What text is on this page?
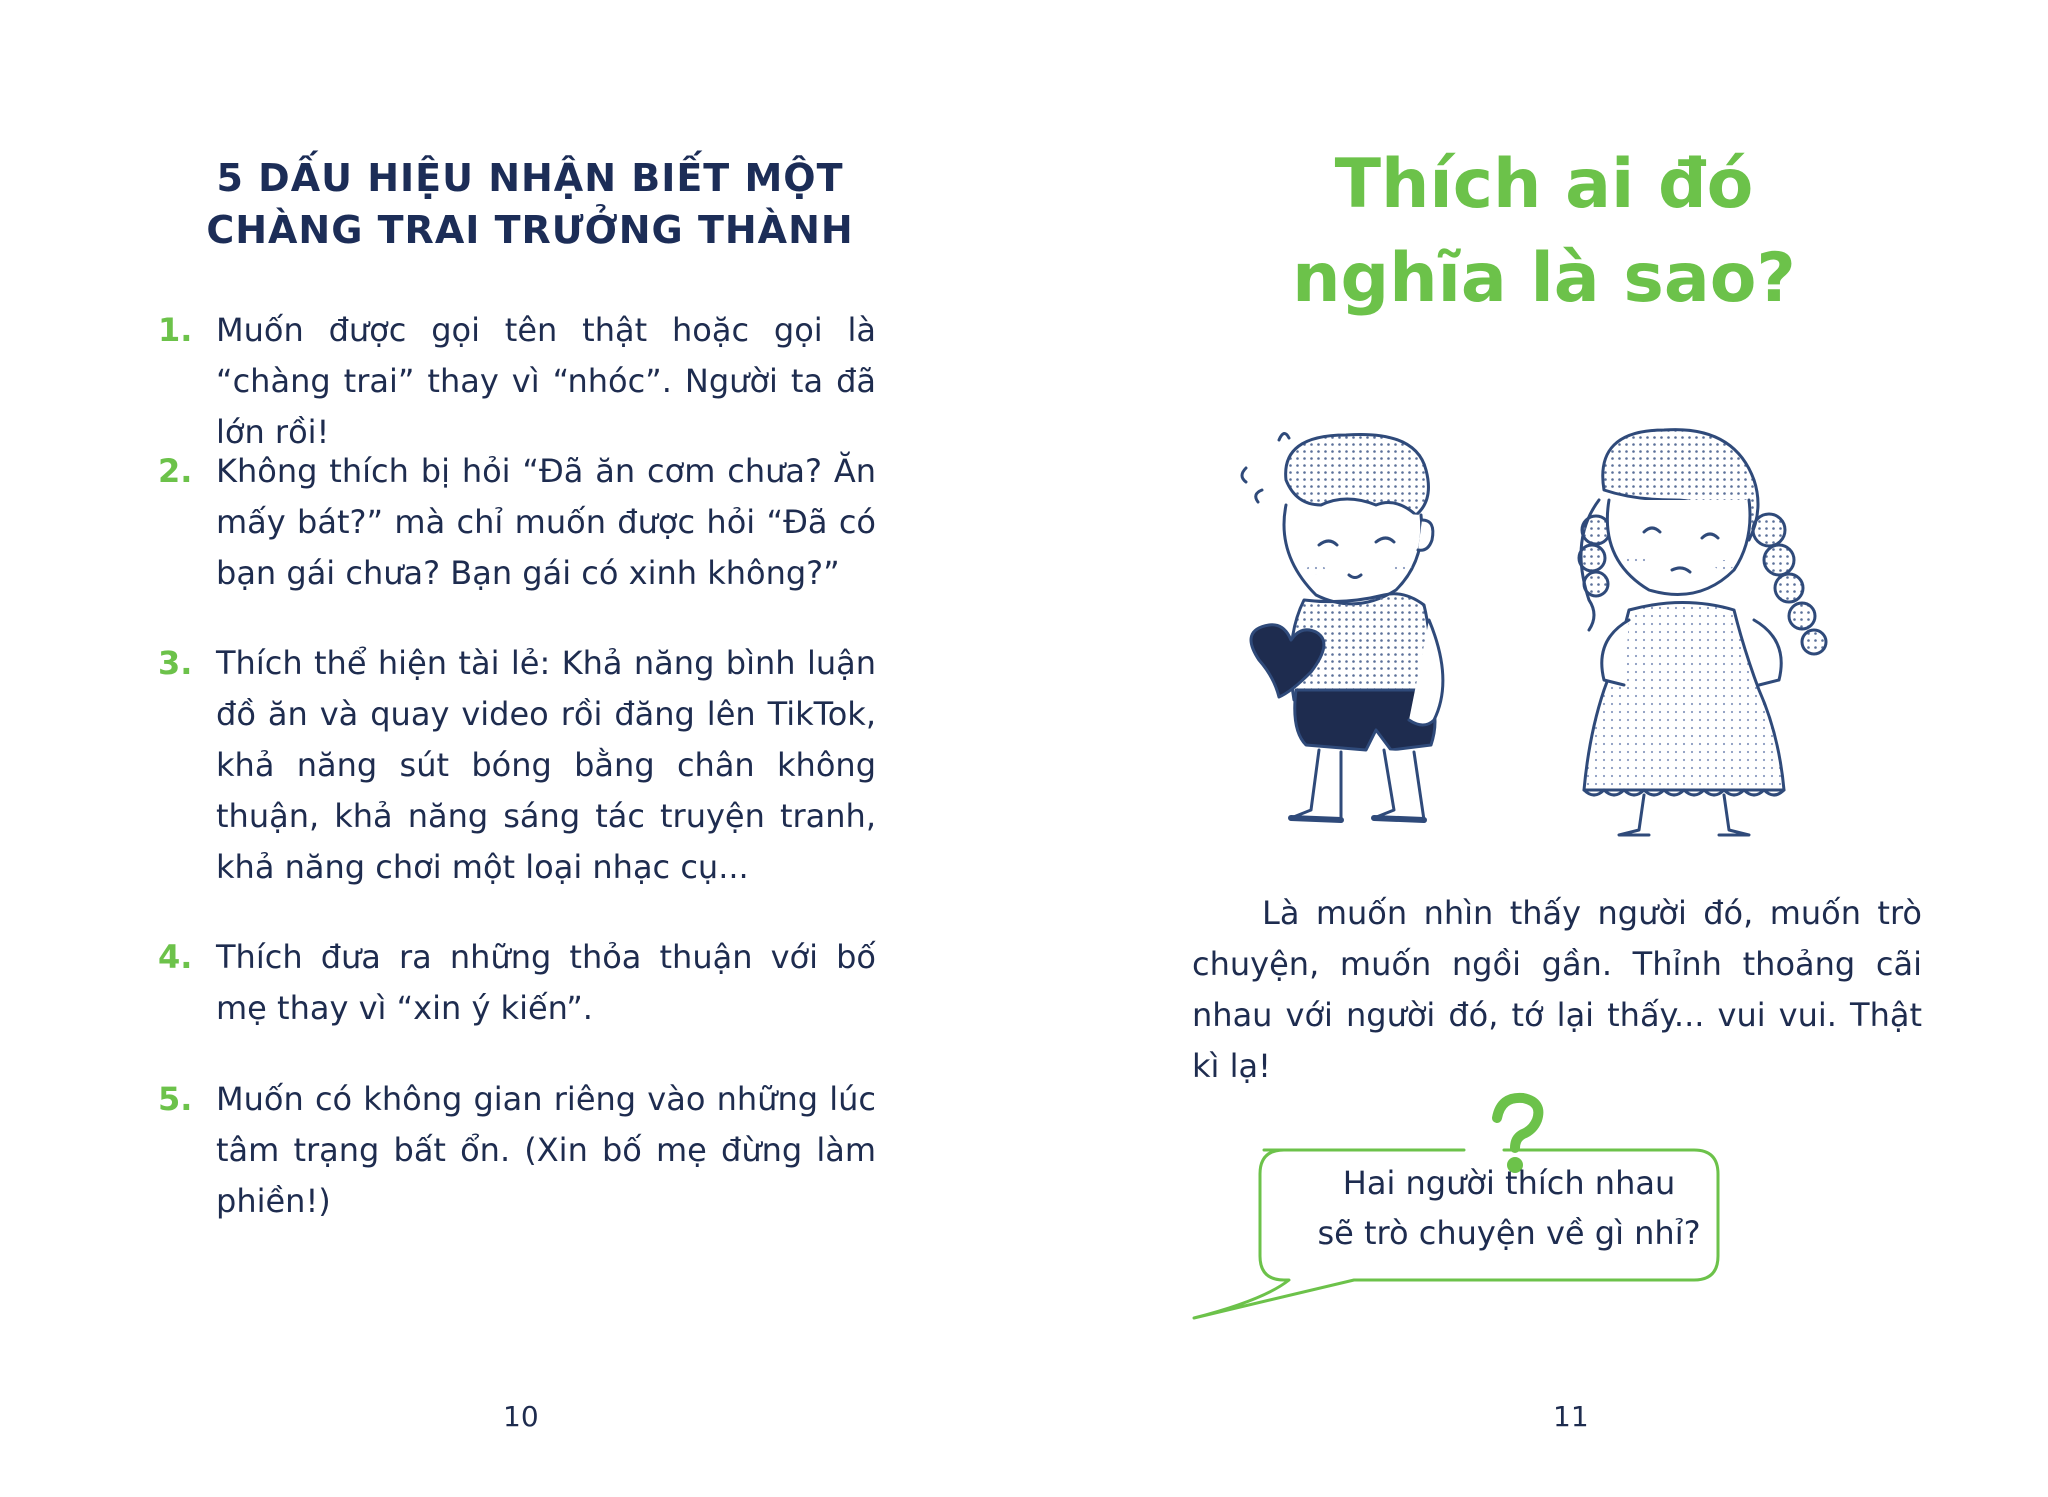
5 DẤU HIỆU NHẬN BIẾT MỘT
CHÀNG TRAI TRƯỞNG THÀNH
1. Muốn được gọi tên thật hoặc gọi là “chàng trai” thay vì “nhóc”. Người ta đã lớn rồi!
2. Không thích bị hỏi “Đã ăn cơm chưa? Ăn mấy bát?” mà chỉ muốn được hỏi “Đã có bạn gái chưa? Bạn gái có xinh không?”
3. Thích thể hiện tài lẻ: Khả năng bình luận đồ ăn và quay video rồi đăng lên TikTok, khả năng sút bóng bằng chân không thuận, khả năng sáng tác truyện tranh, khả năng chơi một loại nhạc cụ...
4. Thích đưa ra những thỏa thuận với bố mẹ thay vì “xin ý kiến”.
5. Muốn có không gian riêng vào những lúc tâm trạng bất ổn. (Xin bố mẹ đừng làm phiền!)
10
Thích ai đó
nghĩa là sao?
Là muốn nhìn thấy người đó, muốn trò chuyện, muốn ngồi gần. Thỉnh thoảng cãi nhau với người đó, tớ lại thấy... vui vui. Thật kì lạ!
Hai người thích nhau
sẽ trò chuyện về gì nhỉ?
11
